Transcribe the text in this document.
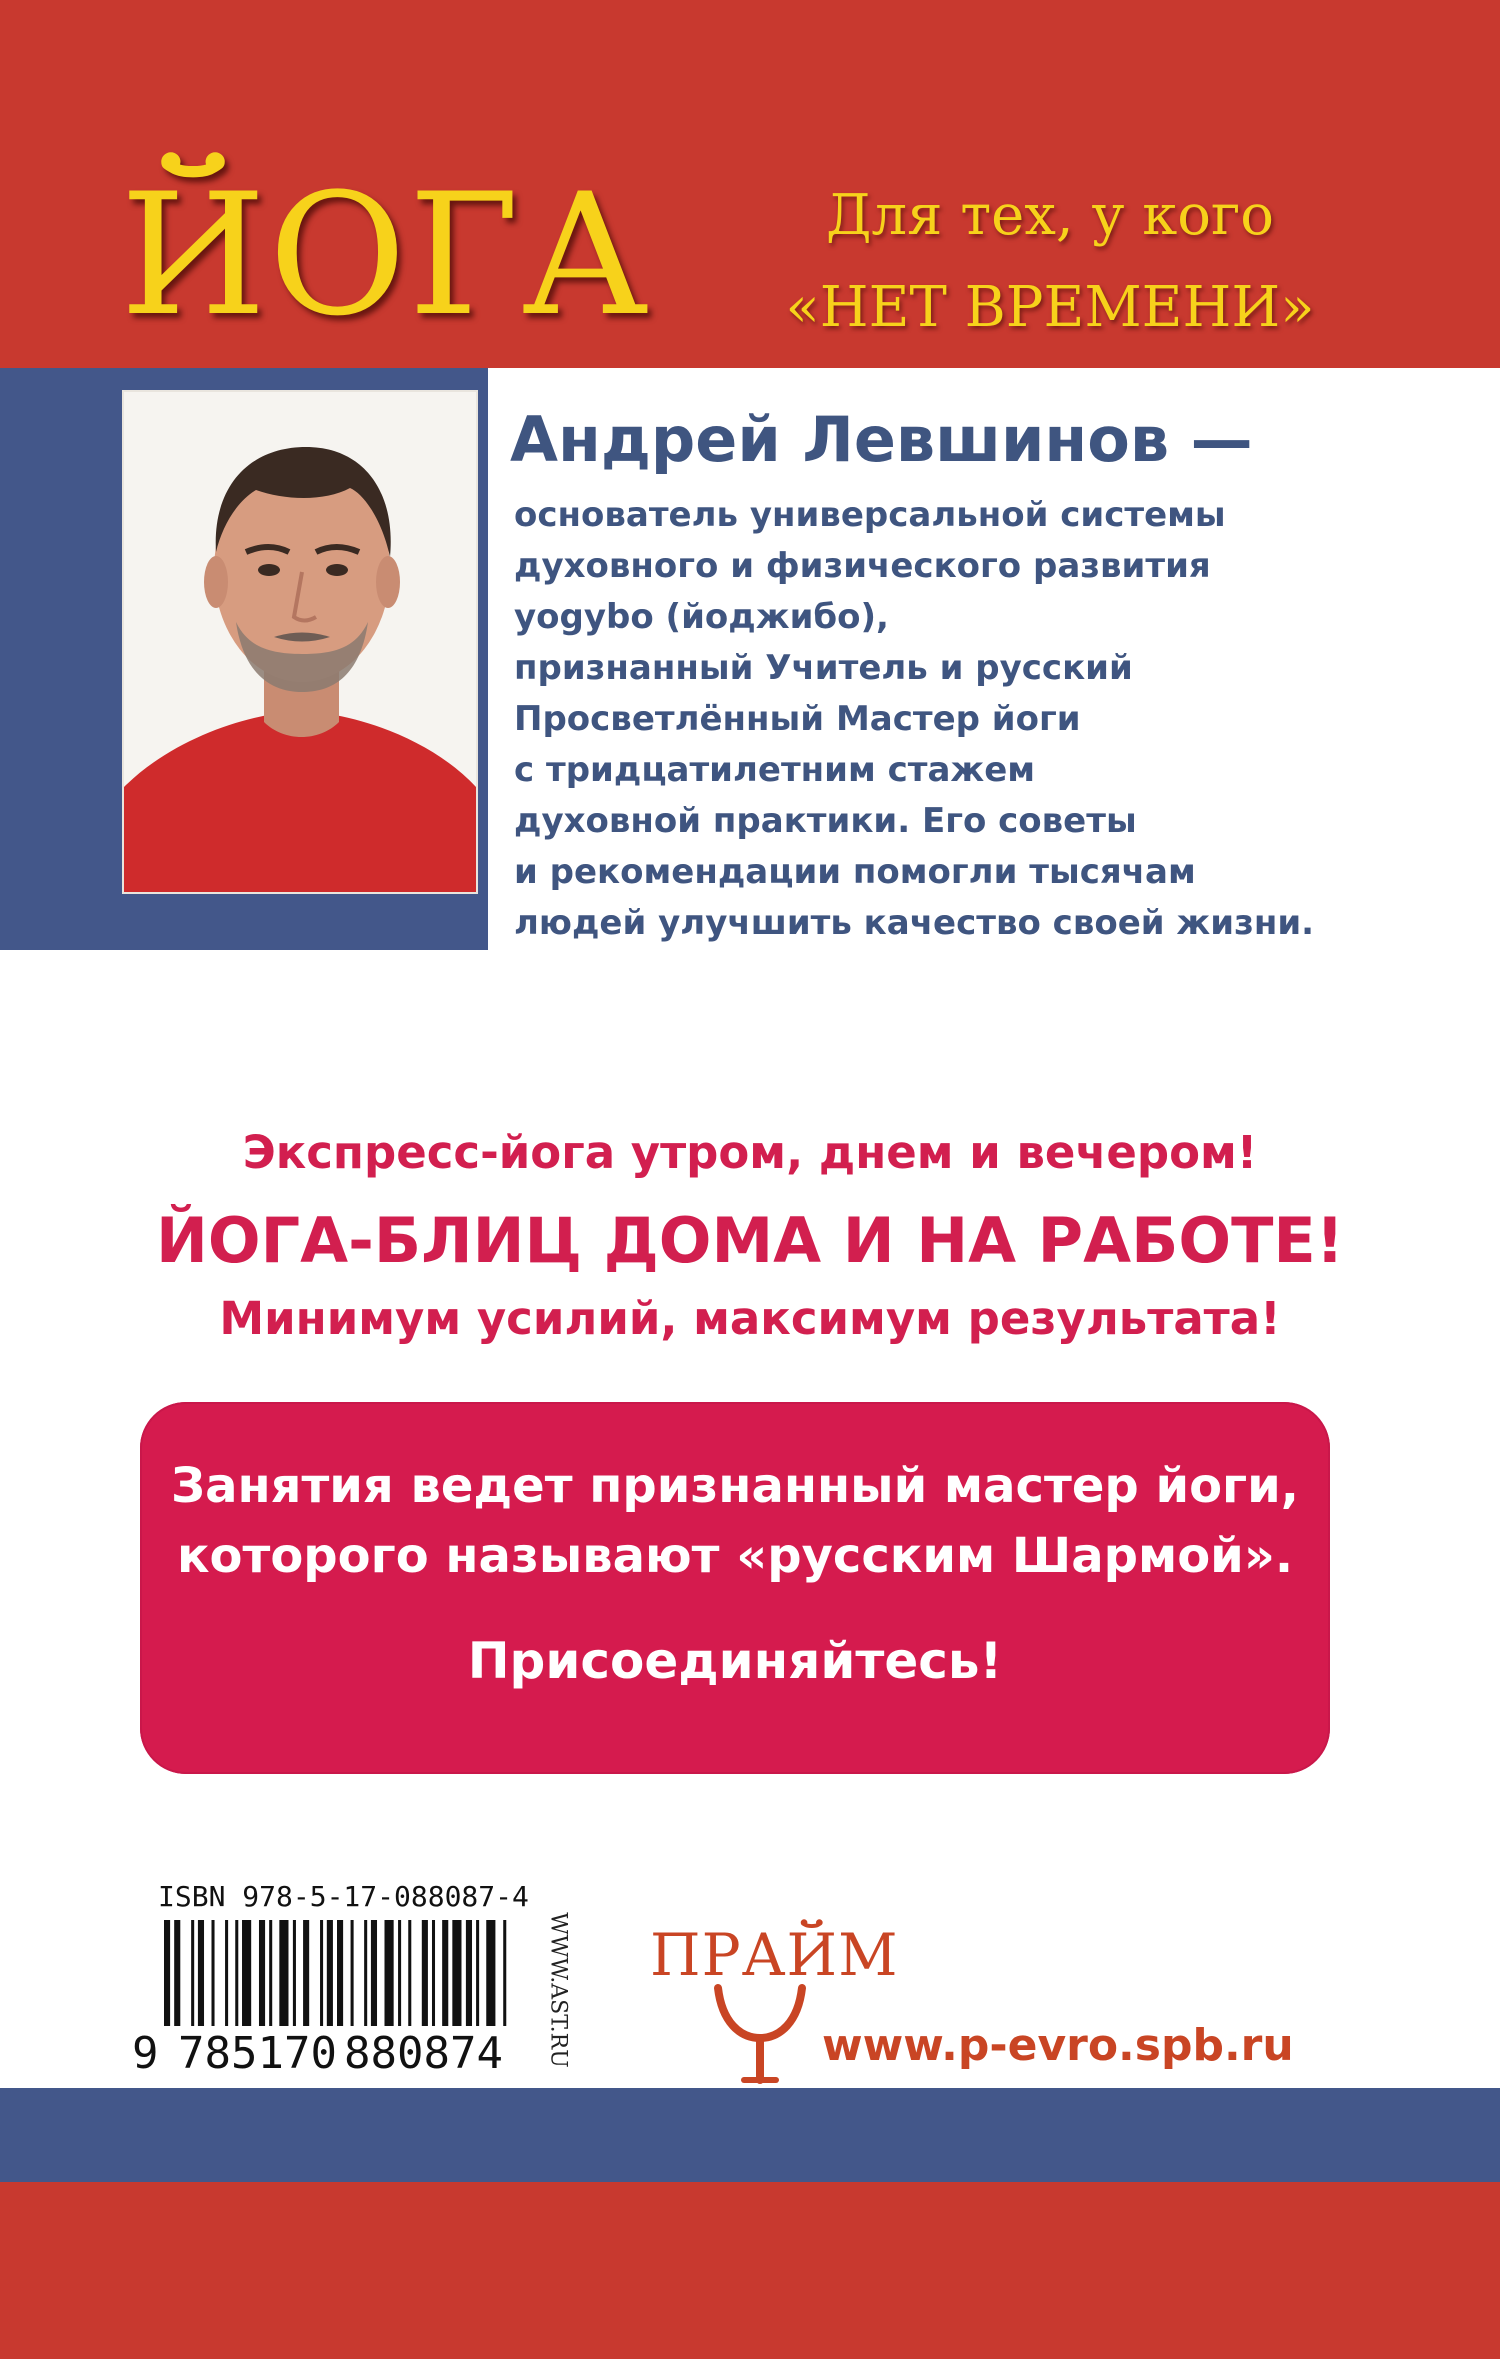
ЙОГА	Для тех, у кого
«НЕТ ВРЕМЕНИ»
Андрей Левшинов —
основатель универсальной системы
духовного и физического развития
yogybo (йоджибо),
признанный Учитель и русский
Просветлённый Мастер йоги
с тридцатилетним стажем
духовной практики. Его советы
и рекомендации помогли тысячам
людей улучшить качество своей жизни.
Экспресс-йога утром, днем и вечером!
ЙОГА-БЛИЦ ДОМА И НА РАБОТЕ!
Минимум усилий, максимум результата!
Занятия ведет признанный мастер йоги,
которого называют «русским Шармой».
Присоединяйтесь!
ISBN 978-5-17-088087-4
9 785170 880874 WWW.AST.RU ПРАЙМ
www.p-evro.spb.ru
